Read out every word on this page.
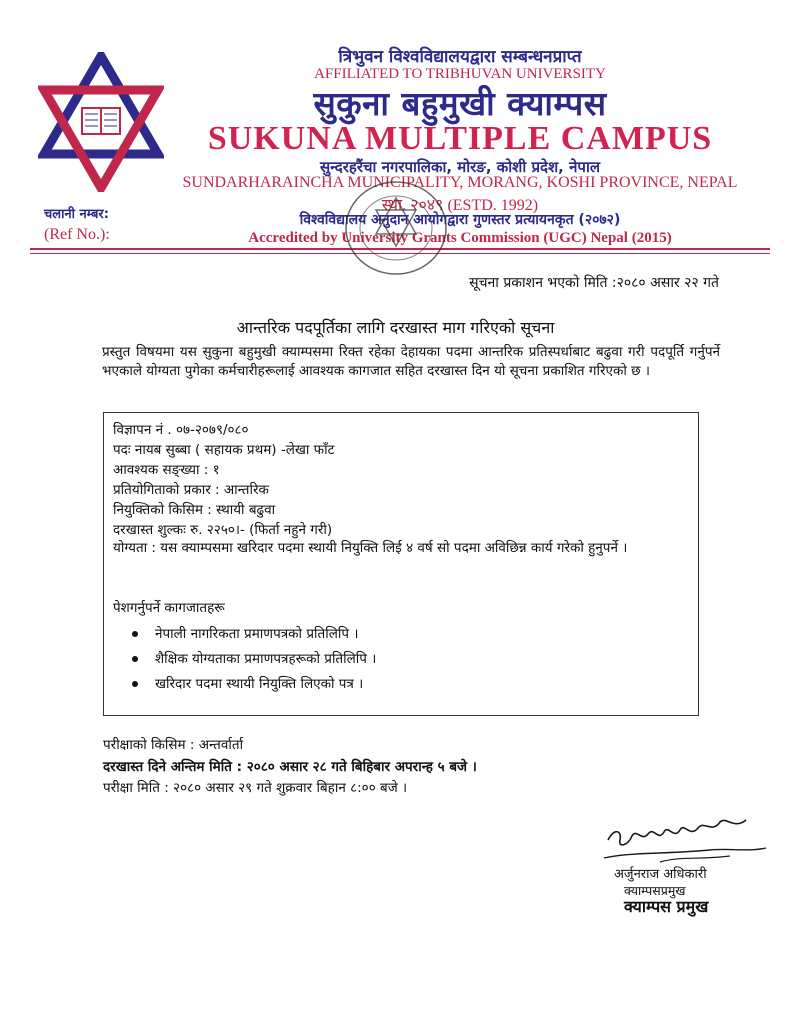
त्रिभुवन विश्वविद्यालयद्वारा सम्बन्धनप्राप्त
AFFILIATED TO TRIBHUVAN UNIVERSITY
सुकुना बहुमुखी क्याम्पस
SUKUNA MULTIPLE CAMPUS
सुन्दरहरैंचा नगरपालिका, मोरङ, कोशी प्रदेश, नेपाल
SUNDARHARAINCHA MUNICIPALITY, MORANG, KOSHI PROVINCE, NEPAL
स्था. २०४९ (ESTD. 1992)
विश्वविद्यालय अनुदान आयोगद्वारा गुणस्तर प्रत्यायनकृत (२०७२)
Accredited by University Grants Commission (UGC) Nepal (2015)
चलानी नम्बर:
(Ref No.):
सूचना प्रकाशन भएको मिति :२०८० असार २२ गते
आन्तरिक पदपूर्तिका लागि दरखास्त माग गरिएको सूचना
प्रस्तुत विषयमा यस सुकुना बहुमुखी क्याम्पसमा रिक्त रहेका देहायका पदमा आन्तरिक प्रतिस्पर्धाबाट बढुवा गरी पदपूर्ति गर्नुपर्ने भएकाले योग्यता पुगेका कर्मचारीहरूलाई आवश्यक कागजात सहित दरखास्त दिन यो सूचना प्रकाशित गरिएको छ ।
विज्ञापन नं . ०७-२०७९/०८०
पदः नायब सुब्बा ( सहायक प्रथम) -लेखा फाँट
आवश्यक सङ्ख्या : १
प्रतियोगिताको प्रकार : आन्तरिक
नियुक्तिको किसिम : स्थायी बढुवा
दरखास्त शुल्कः रु. २२५०।- (फिर्ता नहुने गरी)
योग्यता : यस क्याम्पसमा खरिदार पदमा स्थायी नियुक्ति लिई ४ वर्ष सो पदमा अविछिन्न कार्य गरेको हुनुपर्ने ।
पेशगर्नुपर्ने कागजातहरू
नेपाली नागरिकता प्रमाणपत्रको प्रतिलिपि ।
शैक्षिक योग्यताका प्रमाणपत्रहरूको प्रतिलिपि ।
खरिदार पदमा स्थायी नियुक्ति लिएको पत्र ।
परीक्षाको किसिम : अन्तर्वार्ता
दरखास्त दिने अन्तिम मिति : २०८० असार २८ गते बिहिबार अपरान्ह ५ बजे ।
परीक्षा मिति : २०८० असार २९ गते शुक्रवार बिहान ८:०० बजे ।
अर्जुनराज अधिकारी
क्याम्पसप्रमुख
क्याम्पस प्रमुख
